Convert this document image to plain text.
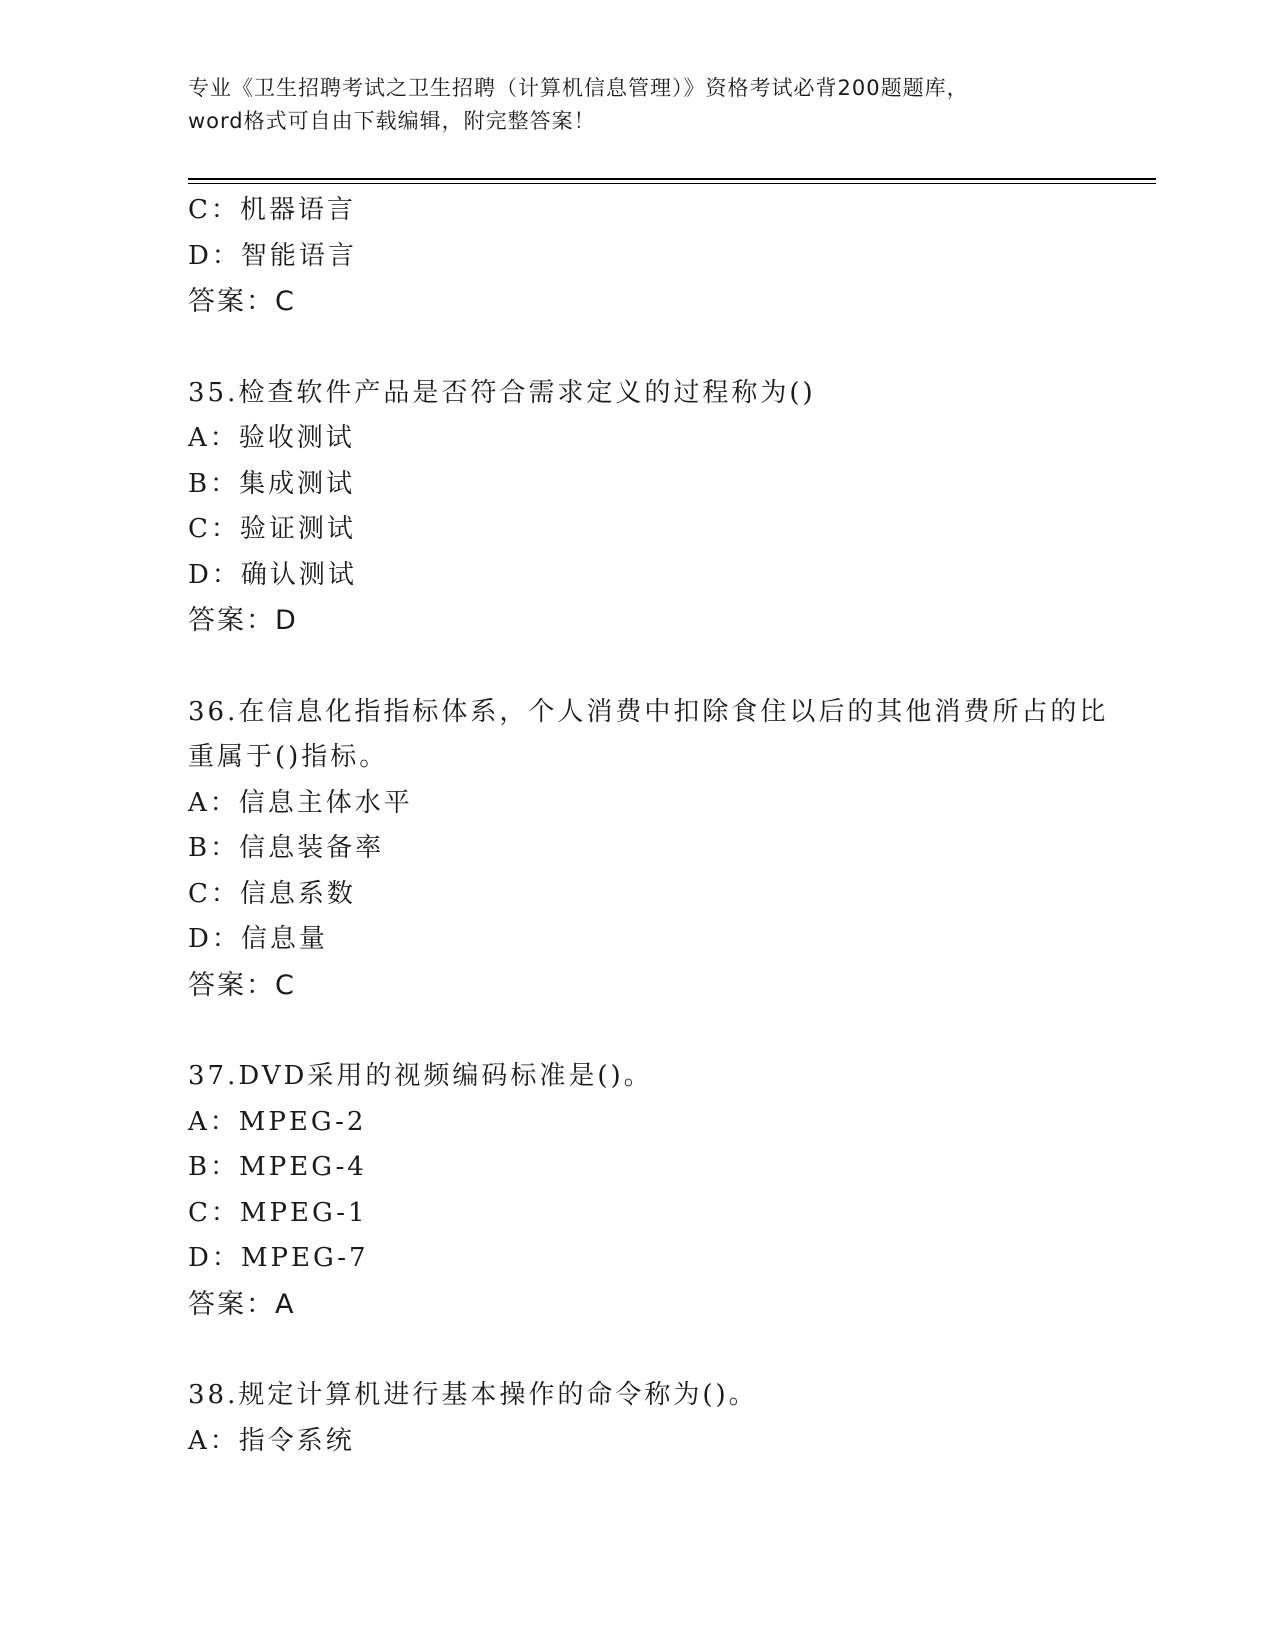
专业《卫生招聘考试之卫生招聘（计算机信息管理）》资格考试必背200题题库，
word格式可自由下载编辑，附完整答案！
C：机器语言
D：智能语言
答案：C
35.检查软件产品是否符合需求定义的过程称为()
A：验收测试
B：集成测试
C：验证测试
D：确认测试
答案：D
36.在信息化指指标体系，个人消费中扣除食住以后的其他消费所占的比重属于()指标。
A：信息主体水平
B：信息装备率
C：信息系数
D：信息量
答案：C
37.DVD采用的视频编码标准是()。
A：MPEG-2
B：MPEG-4
C：MPEG-1
D：MPEG-7
答案：A
38.规定计算机进行基本操作的命令称为()。
A：指令系统
